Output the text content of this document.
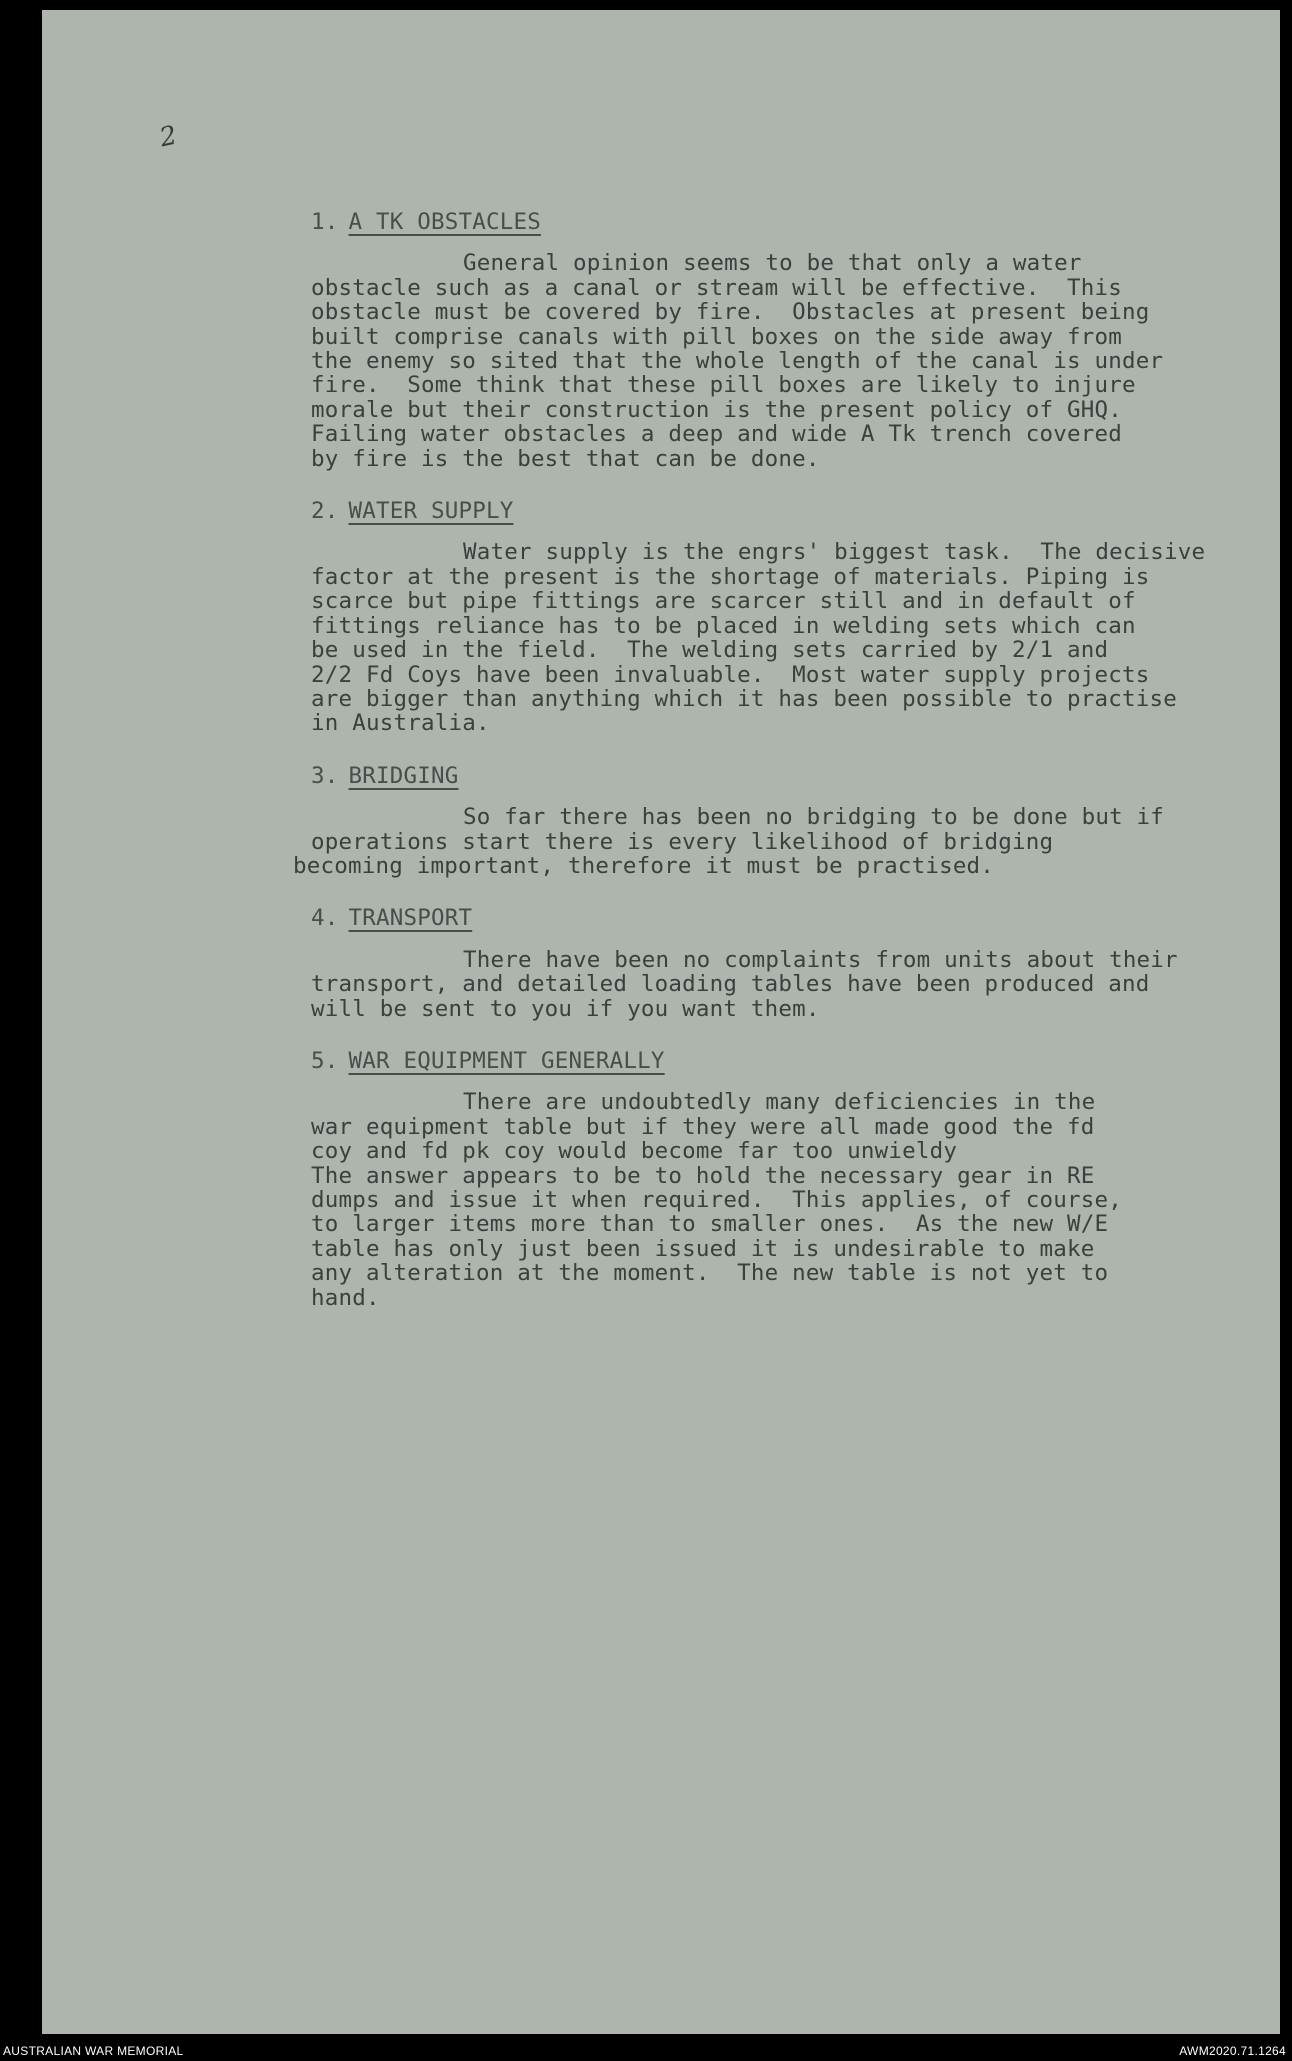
2
1. A TK OBSTACLES

General opinion seems to be that only a water
obstacle such as a canal or stream will be effective.  This
obstacle must be covered by fire.  Obstacles at present being
built comprise canals with pill boxes on the side away from
the enemy so sited that the whole length of the canal is under
fire.  Some think that these pill boxes are likely to injure
morale but their construction is the present policy of GHQ.
Failing water obstacles a deep and wide A Tk trench covered
by fire is the best that can be done.

2. WATER SUPPLY

Water supply is the engrs' biggest task.  The decisive
factor at the present is the shortage of materials. Piping is
scarce but pipe fittings are scarcer still and in default of
fittings reliance has to be placed in welding sets which can
be used in the field.  The welding sets carried by 2/1 and
2/2 Fd Coys have been invaluable.  Most water supply projects
are bigger than anything which it has been possible to practise
in Australia.

3. BRIDGING

So far there has been no bridging to be done but if
operations start there is every likelihood of bridging
becoming important, therefore it must be practised.

4. TRANSPORT

There have been no complaints from units about their
transport, and detailed loading tables have been produced and
will be sent to you if you want them.

5. WAR EQUIPMENT GENERALLY

There are undoubtedly many deficiencies in the
war equipment table but if they were all made good the fd
coy and fd pk coy would become far too unwieldy
The answer appears to be to hold the necessary gear in RE
dumps and issue it when required.  This applies, of course,
to larger items more than to smaller ones.  As the new W/E
table has only just been issued it is undesirable to make
any alteration at the moment.  The new table is not yet to
hand.

AUSTRALIAN WAR MEMORIAL	AWM2020.71.1264
